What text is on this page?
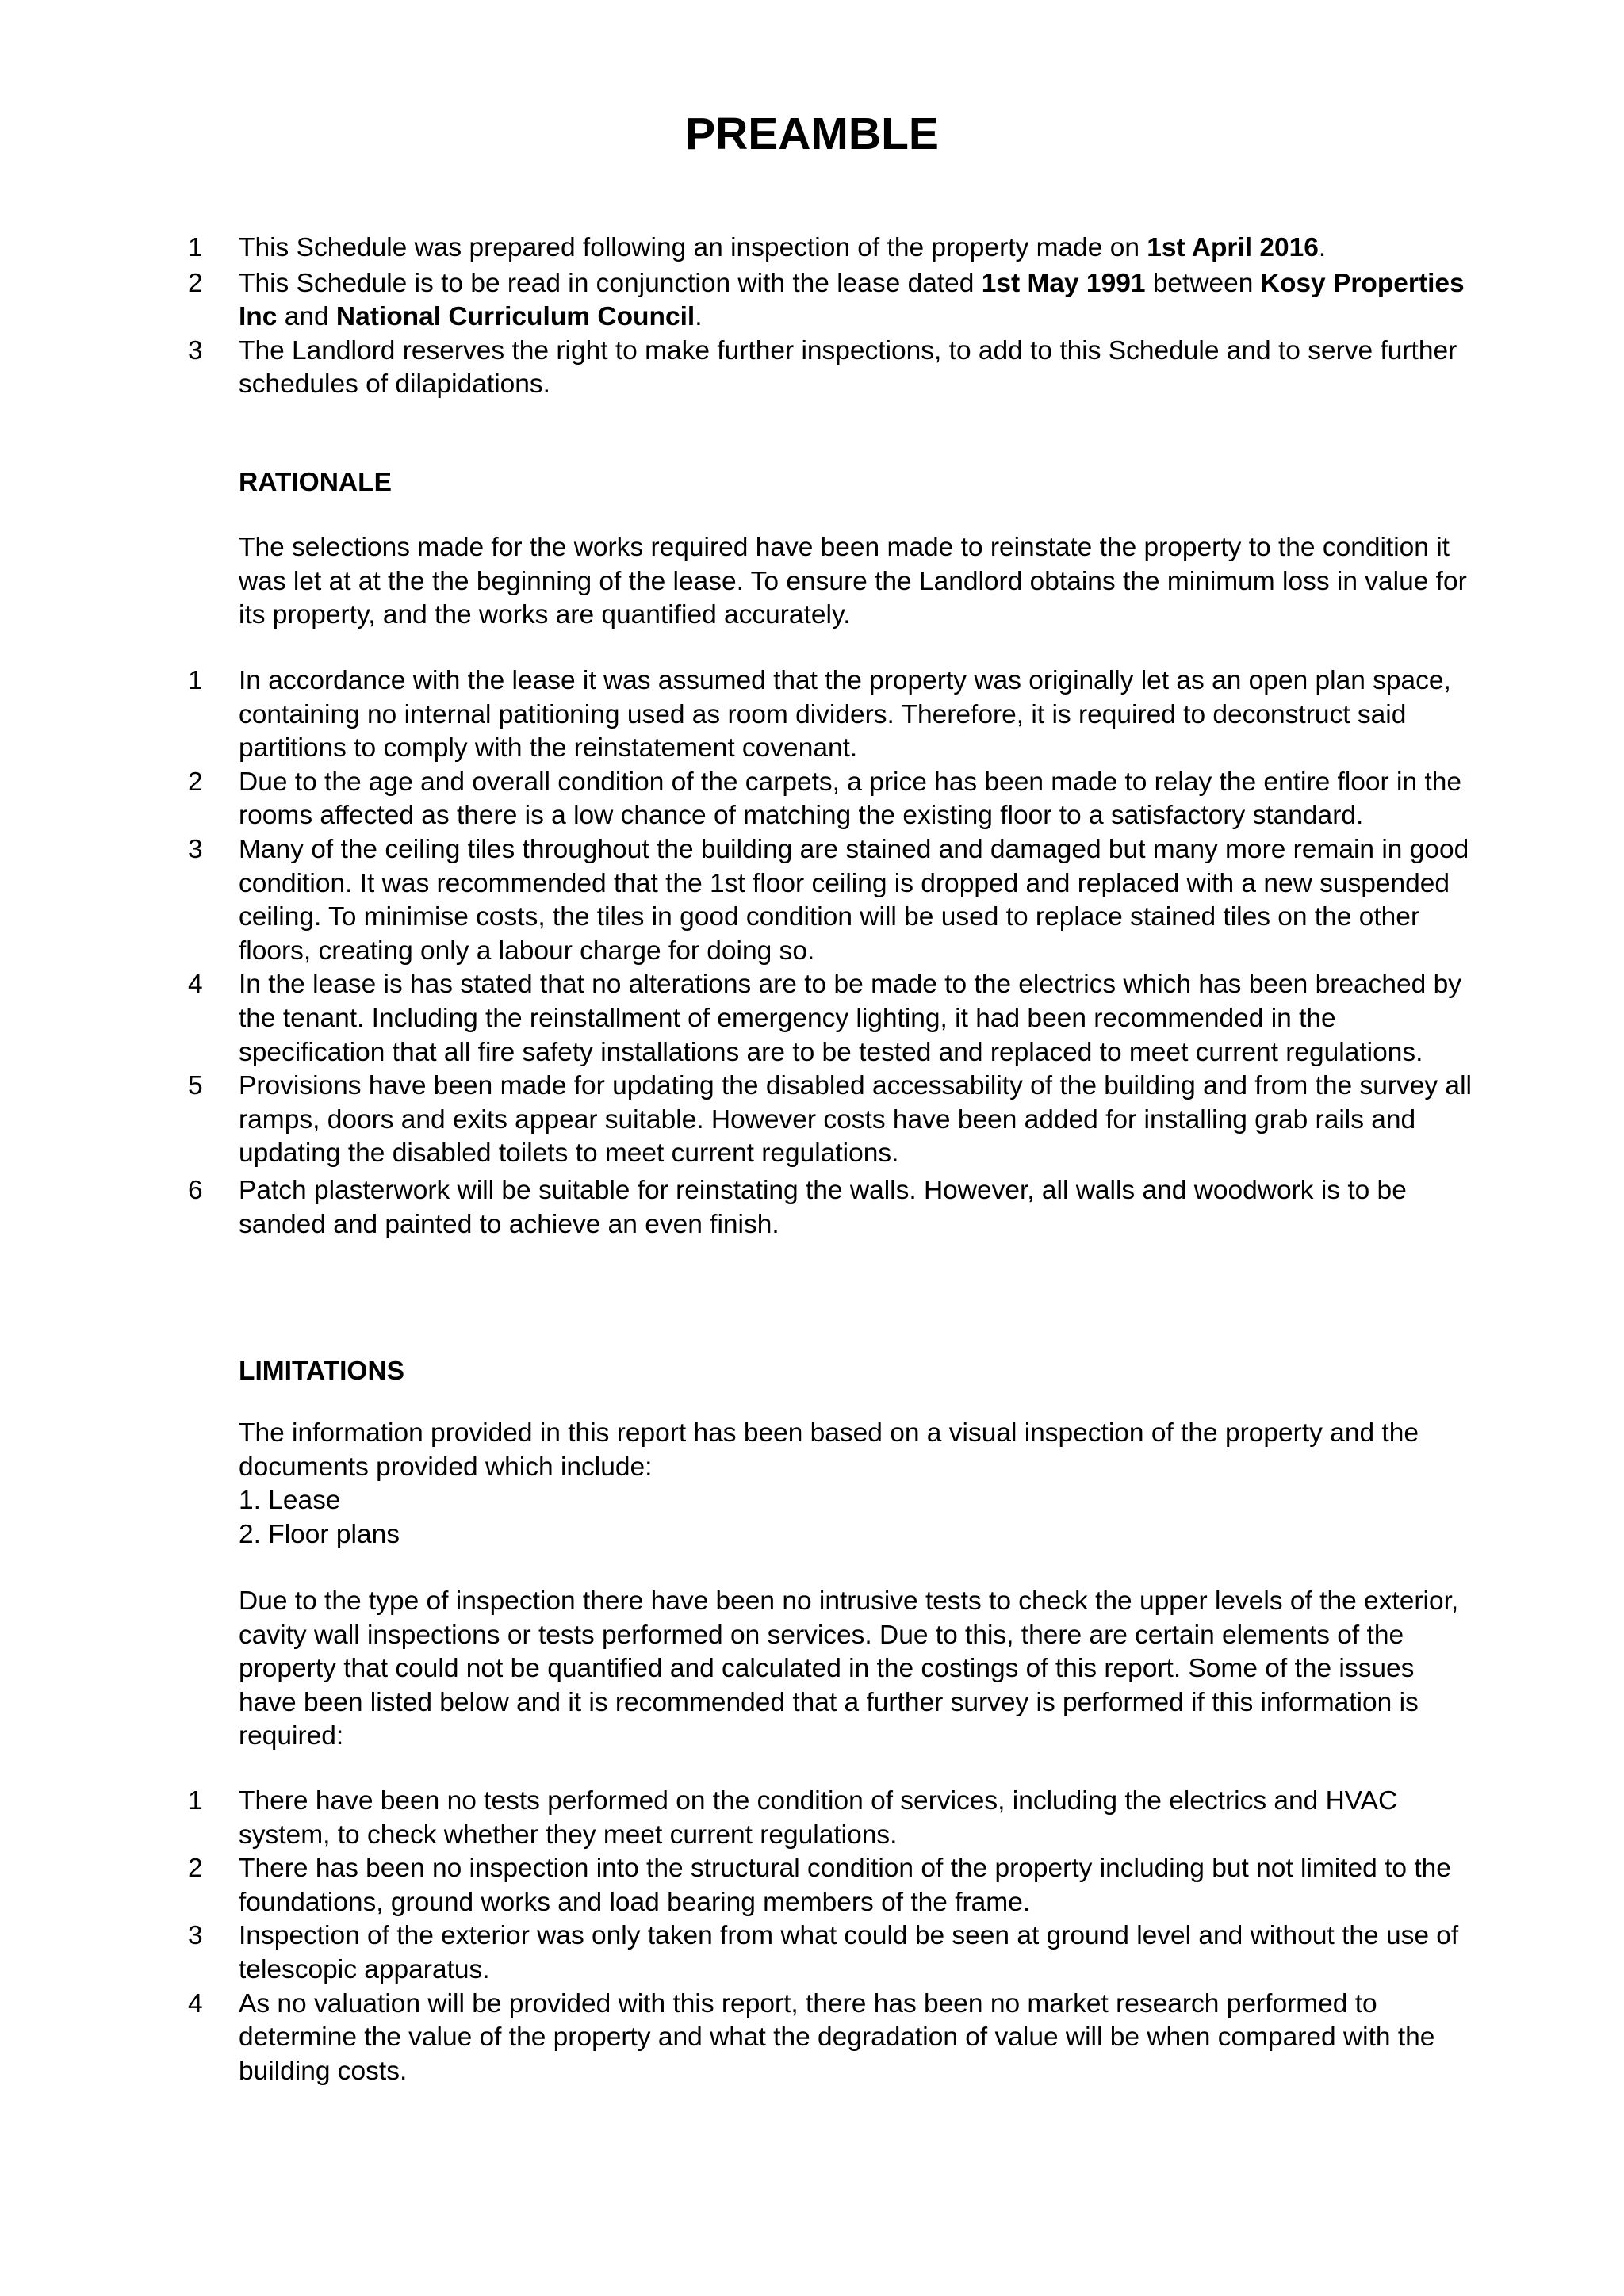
PREAMBLE
1	This Schedule was prepared following an inspection of the property made on 1st April 2016.
2	This Schedule is to be read in conjunction with the lease dated 1st May 1991 between Kosy Properties Inc and National Curriculum Council.
3	The Landlord reserves the right to make further inspections, to add to this Schedule and to serve further schedules of dilapidations.
RATIONALE

The selections made for the works required have been made to reinstate the property to the condition it was let at at the the beginning of the lease. To ensure the Landlord obtains the minimum loss in value for its property, and the works are quantified accurately.

1	In accordance with the lease it was assumed that the property was originally let as an open plan space, containing no internal patitioning used as room dividers. Therefore, it is required to deconstruct said partitions to comply with the reinstatement covenant.
2	Due to the age and overall condition of the carpets, a price has been made to relay the entire floor in the rooms affected as there is a low chance of matching the existing floor to a satisfactory standard.
3	Many of the ceiling tiles throughout the building are stained and damaged but many more remain in good condition. It was recommended that the 1st floor ceiling is dropped and replaced with a new suspended ceiling. To minimise costs, the tiles in good condition will be used to replace stained tiles on the other floors, creating only a labour charge for doing so.
4	In the lease is has stated that no alterations are to be made to the electrics which has been breached by the tenant. Including the reinstallment of emergency lighting, it had been recommended in the specification that all fire safety installations are to be tested and replaced to meet current regulations.
5	Provisions have been made for updating the disabled accessability of the building and from the survey all ramps, doors and exits appear suitable. However costs have been added for installing grab rails and updating the disabled toilets to meet current regulations.
6	Patch plasterwork will be suitable for reinstating the walls. However, all walls and woodwork is to be sanded and painted to achieve an even finish.
LIMITATIONS

The information provided in this report has been based on a visual inspection of the property and the documents provided which include:

1. Lease
2. Floor plans

Due to the type of inspection there have been no intrusive tests to check the upper levels of the exterior, cavity wall inspections or tests performed on services. Due to this, there are certain elements of the property that could not be quantified and calculated in the costings of this report. Some of the issues have been listed below and it is recommended that a further survey is performed if this information is required:

1	There have been no tests performed on the condition of services, including the electrics and HVAC system, to check whether they meet current regulations.
2	There has been no inspection into the structural condition of the property including but not limited to the foundations, ground works and load bearing members of the frame.
3	Inspection of the exterior was only taken from what could be seen at ground level and without the use of telescopic apparatus.
4	As no valuation will be provided with this report, there has been no market research performed to determine the value of the property and what the degradation of value will be when compared with the building costs.
